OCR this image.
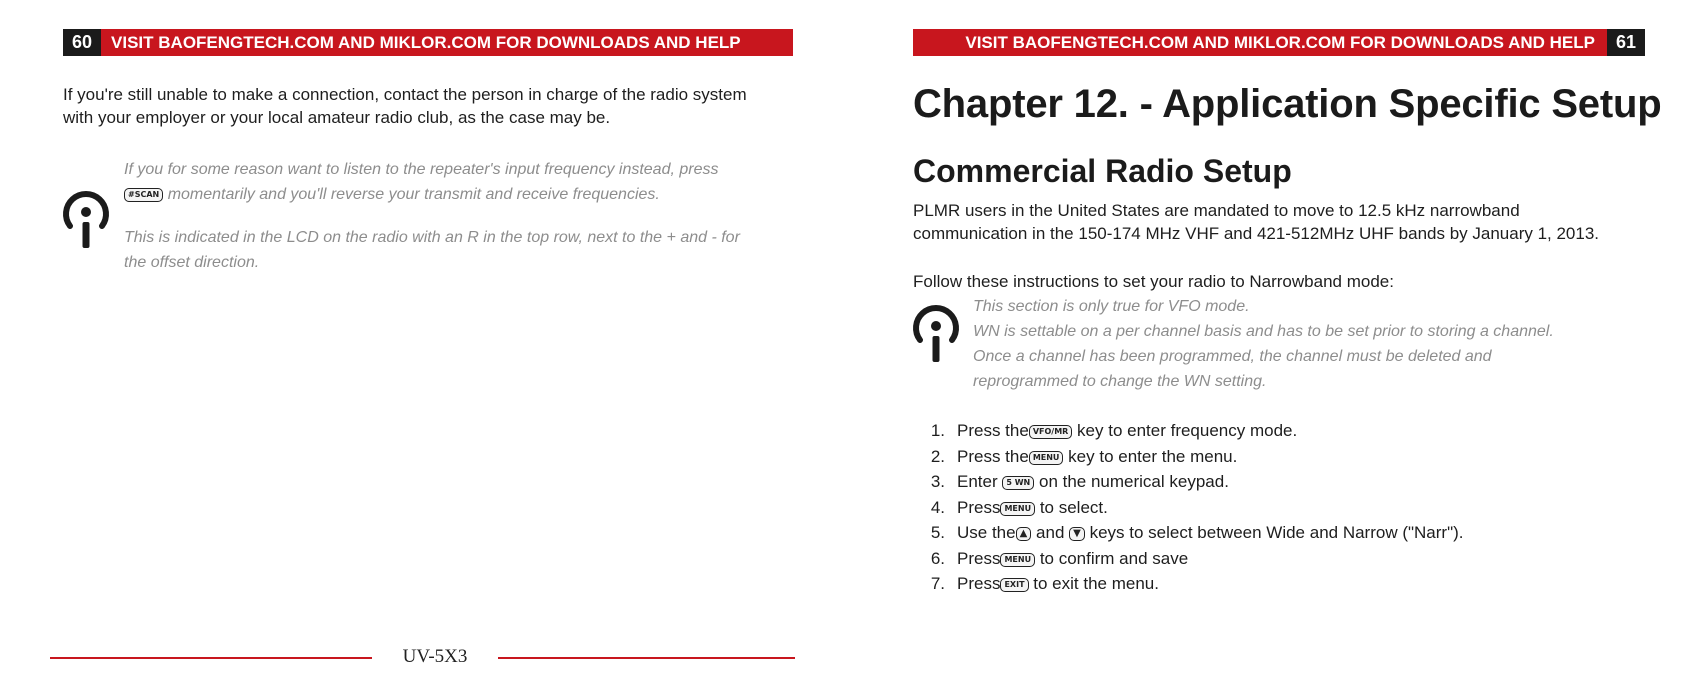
60	VISIT BAOFENGTECH.COM AND MIKLOR.COM FOR DOWNLOADS AND HELP
If you're still unable to make a connection, contact the person in charge of the radio system
with your employer or your local amateur radio club, as the case may be.
If you for some reason want to listen to the repeater's input frequency instead, press
#SCAN momentarily and you'll reverse your transmit and receive frequencies.
This is indicated in the LCD on the radio with an R in the top row, next to the + and - for
the offset direction.
VISIT BAOFENGTECH.COM AND MIKLOR.COM FOR DOWNLOADS AND HELP	61
Chapter 12. - Application Specific Setup
Commercial Radio Setup
PLMR users in the United States are mandated to move to 12.5 kHz narrowband
communication in the 150-174 MHz VHF and 421-512MHz UHF bands by January 1, 2013.
Follow these instructions to set your radio to Narrowband mode:
This section is only true for VFO mode.
WN is settable on a per channel basis and has to be set prior to storing a channel.
Once a channel has been programmed, the channel must be deleted and
reprogrammed to change the WN setting.
1. Press the VFO/MR key to enter frequency mode.
2. Press the MENU key to enter the menu.
3. Enter 5 WN on the numerical keypad.
4. Press MENU to select.
5. Use the ▲ and ▼ keys to select between Wide and Narrow ("Narr").
6. Press MENU to confirm and save
7. Press EXIT to exit the menu.
UV-5X3
